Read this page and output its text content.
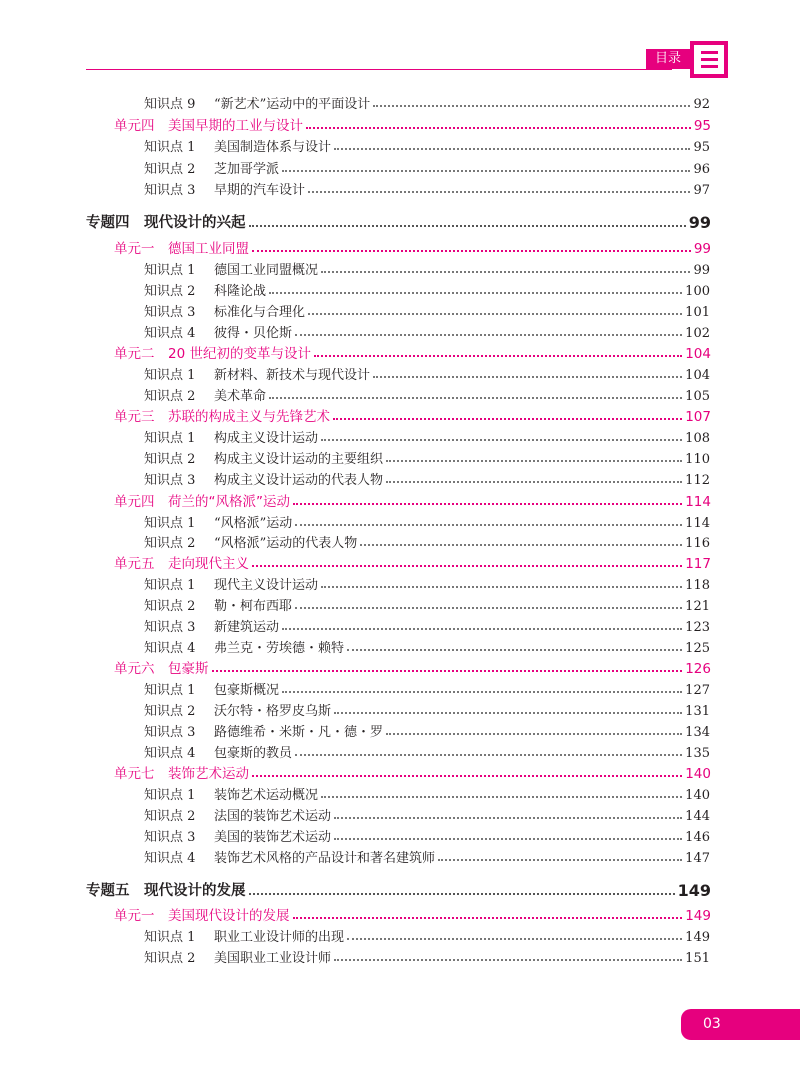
目录
知识点 9 “新艺术”运动中的平面设计	92
单元四 美国早期的工业与设计	95
知识点 1 美国制造体系与设计	95
知识点 2 芝加哥学派	96
知识点 3 早期的汽车设计	97
专题四 现代设计的兴起	99
单元一 德国工业同盟	99
知识点 1 德国工业同盟概况	99
知识点 2 科隆论战	100
知识点 3 标准化与合理化	101
知识点 4 彼得・贝伦斯	102
单元二 20 世纪初的变革与设计	104
知识点 1 新材料、新技术与现代设计	104
知识点 2 美术革命	105
单元三 苏联的构成主义与先锋艺术	107
知识点 1 构成主义设计运动	108
知识点 2 构成主义设计运动的主要组织	110
知识点 3 构成主义设计运动的代表人物	112
单元四 荷兰的“风格派”运动	114
知识点 1 “风格派”运动	114
知识点 2 “风格派”运动的代表人物	116
单元五 走向现代主义	117
知识点 1 现代主义设计运动	118
知识点 2 勒・柯布西耶	121
知识点 3 新建筑运动	123
知识点 4 弗兰克・劳埃德・赖特	125
单元六 包豪斯	126
知识点 1 包豪斯概况	127
知识点 2 沃尔特・格罗皮乌斯	131
知识点 3 路德维希・米斯・凡・德・罗	134
知识点 4 包豪斯的教员	135
单元七 装饰艺术运动	140
知识点 1 装饰艺术运动概况	140
知识点 2 法国的装饰艺术运动	144
知识点 3 美国的装饰艺术运动	146
知识点 4 装饰艺术风格的产品设计和著名建筑师	147
专题五 现代设计的发展	149
单元一 美国现代设计的发展	149
知识点 1 职业工业设计师的出现	149
知识点 2 美国职业工业设计师	151
03
